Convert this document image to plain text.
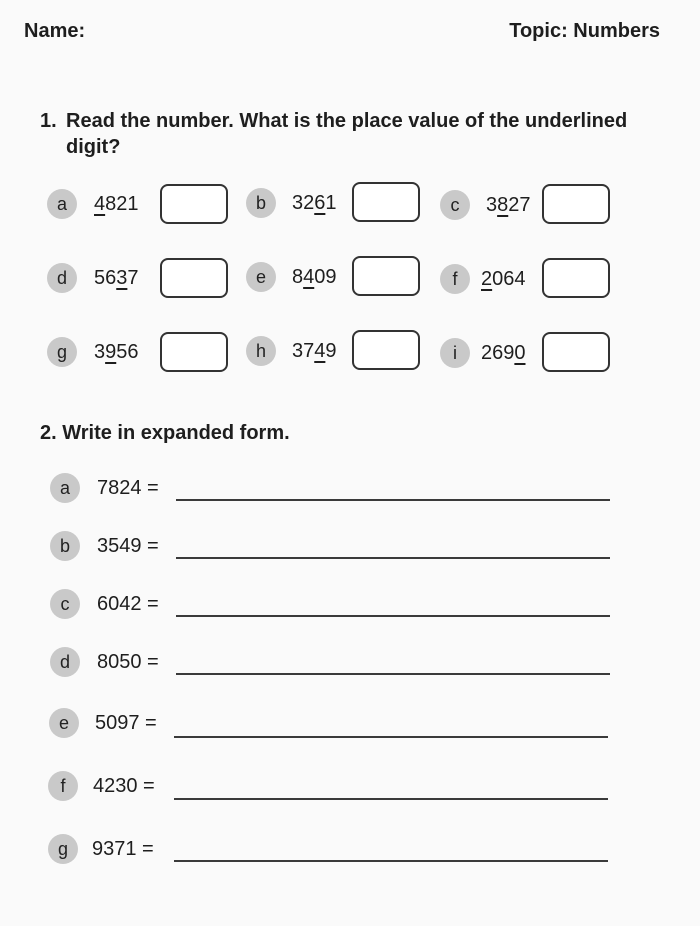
Name:	Topic: Numbers
1. Read the number. What is the place value of the underlined
digit?
a	4821	b	3261	c	3827
d	5637	e	8409	f	2064
g	3956	h	3749	i	2690
2. Write in expanded form.
a	7824 =
b	3549 =
c	6042 =
d	8050 =
e	5097 =
f	4230 =
g	9371 =
